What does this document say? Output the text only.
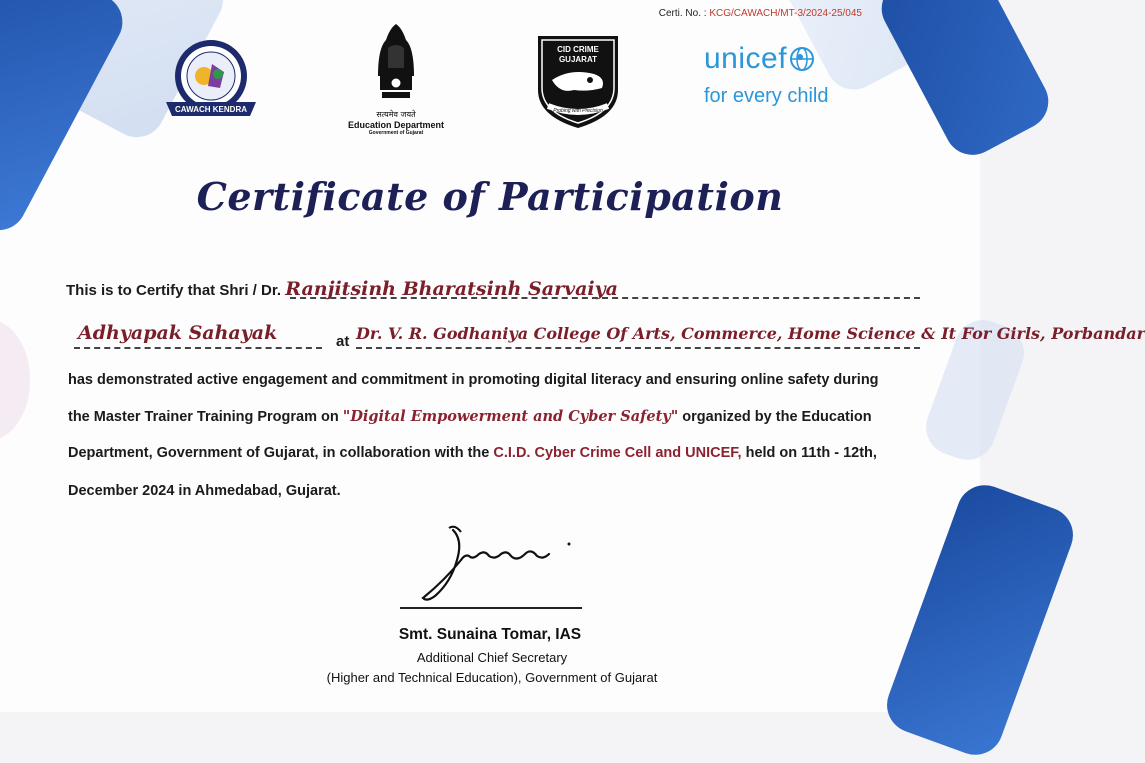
Certi. No. : KCG/CAWACH/MT-3/2024-25/045
CAWACH KENDRA
सत्यमेव जयते
Education Department
Government of Gujarat
CID CRIME
GUJARAT
Probing with Precision
unicef
for every child
Certificate of Participation
This is to Certify that Shri / Dr. Ranjitsinh Bharatsinh Sarvaiya
Adhyapak Sahayak	at Dr. V. R. Godhaniya College Of Arts, Commerce, Home Science & It For Girls, Porbandar
has demonstrated active engagement and commitment in promoting digital literacy and ensuring online safety during
the Master Trainer Training Program on "Digital Empowerment and Cyber Safety" organized by the Education
Department, Government of Gujarat, in collaboration with the C.I.D. Cyber Crime Cell and UNICEF, held on 11th - 12th,
December 2024 in Ahmedabad, Gujarat.
Smt. Sunaina Tomar, IAS
Additional Chief Secretary
(Higher and Technical Education), Government of Gujarat
